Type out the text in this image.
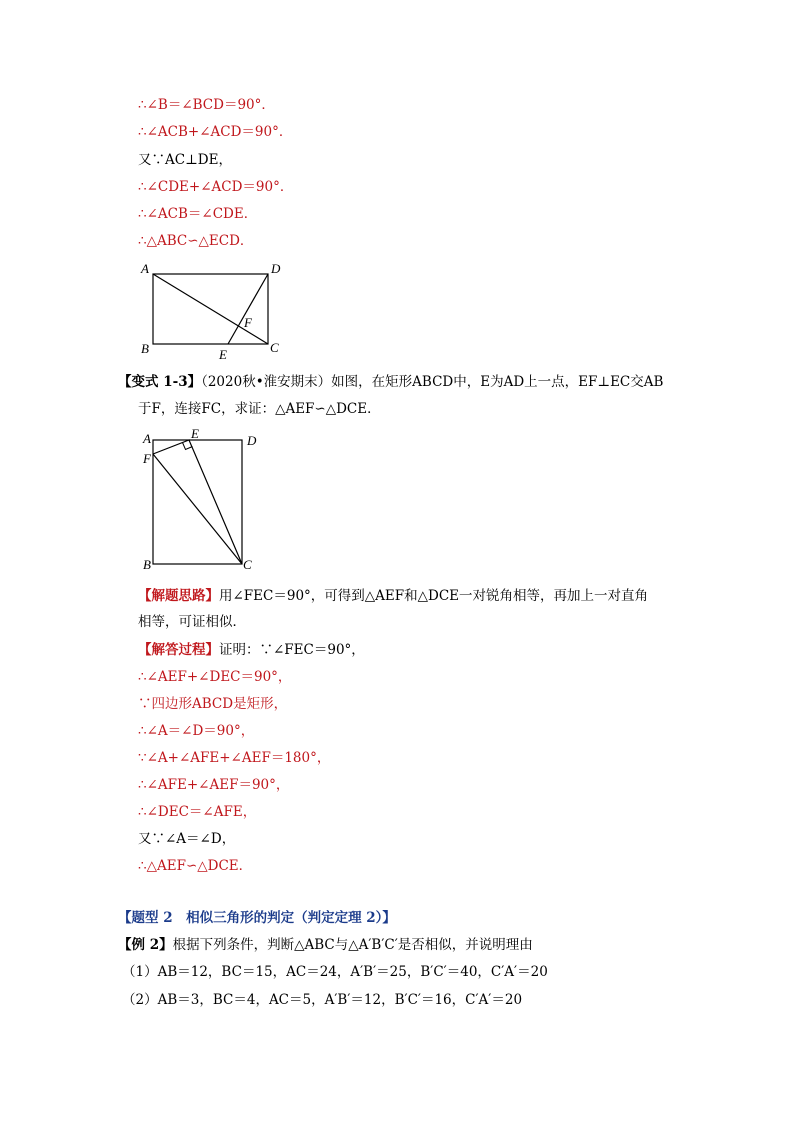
∴∠B＝∠BCD＝90°．
∴∠ACB+∠ACD＝90°．
又∵AC⊥DE，
∴∠CDE+∠ACD＝90°．
∴∠ACB＝∠CDE．
∴△ABC∽△ECD．
A	D
B	C
E
F
【变式 1-3】（2020秋•淮安期末）如图，在矩形ABCD中，E为AD上一点，EF⊥EC交AB
于F，连接FC，求证：△AEF∽△DCE．
A	E	D
F
B	C
【解题思路】用∠FEC＝90°，可得到△AEF和△DCE一对锐角相等，再加上一对直角
相等，可证相似．
【解答过程】证明：∵∠FEC＝90°，
∴∠AEF+∠DEC＝90°，
∵四边形ABCD是矩形，
∴∠A＝∠D＝90°，
∵∠A+∠AFE+∠AEF＝180°，
∴∠AFE+∠AEF＝90°，
∴∠DEC＝∠AFE，
又∵∠A＝∠D，
∴△AEF∽△DCE．
【题型 2　相似三角形的判定（判定定理 2）】
【例 2】根据下列条件，判断△ABC与△A′B′C′是否相似，并说明理由
（1）AB＝12，BC＝15，AC＝24，A′B′＝25，B′C′＝40，C′A′＝20
（2）AB＝3，BC＝4，AC＝5，A′B′＝12，B′C′＝16，C′A′＝20
